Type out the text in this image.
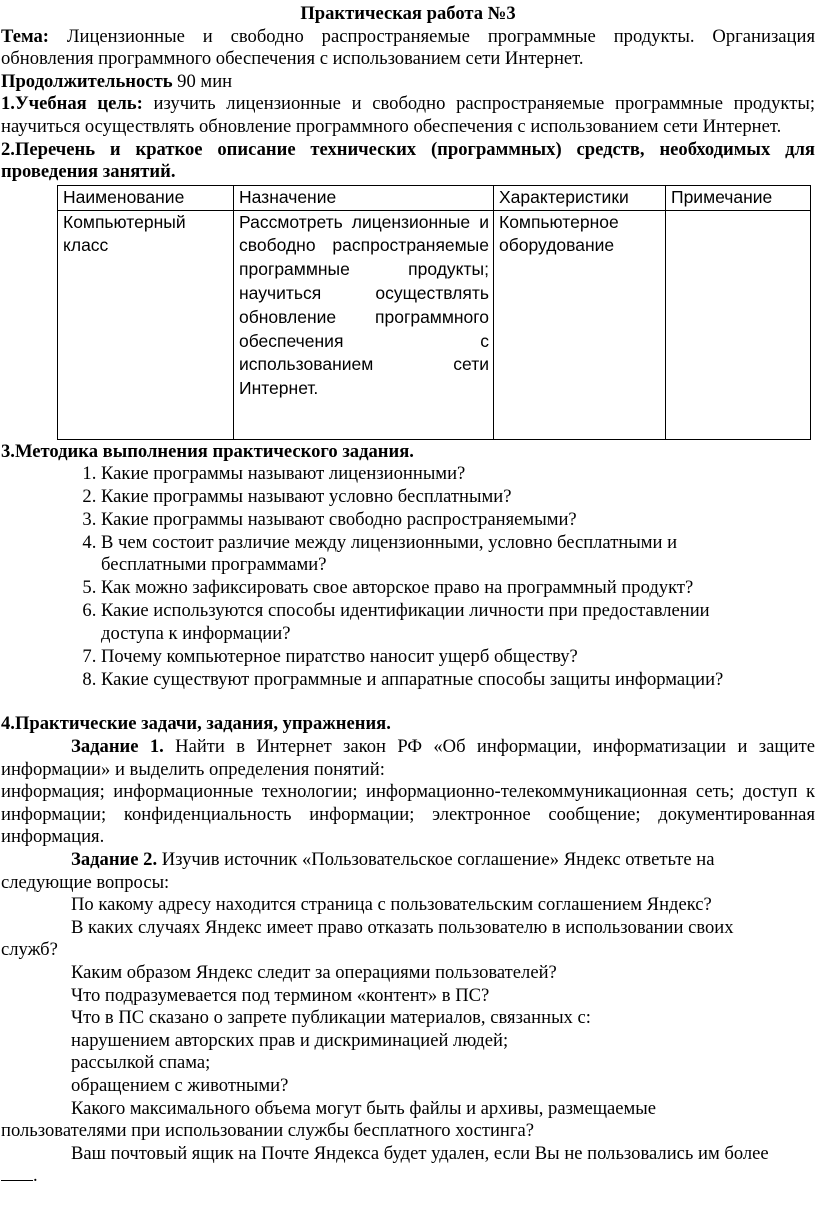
Практическая работа №3

Тема: Лицензионные и свободно распространяемые программные продукты. Организация обновления программного обеспечения с использованием сети Интернет.

Продолжительность 90 мин

1.Учебная цель: изучить лицензионные и свободно распространяемые программные продукты; научиться осуществлять обновление программного обеспечения с использованием сети Интернет.

2.Перечень и краткое описание технических (программных) средств, необходимых для проведения занятий.

Наименование	Назначение	Характеристики	Примечание
Компьютерный класс	Рассмотреть лицензионные и свободно распространяемые программные продукты; научиться осуществлять обновление программного обеспечения с использованием сети Интернет.	Компьютерное оборудование	

3.Методика выполнения практического задания.

1. Какие программы называют лицензионными?
2. Какие программы называют условно бесплатными?
3. Какие программы называют свободно распространяемыми?
4. В чем состоит различие между лицензионными, условно бесплатными и бесплатными программами?
5. Как можно зафиксировать свое авторское право на программный продукт?
6. Какие используются способы идентификации личности при предоставлении доступа к информации?
7. Почему компьютерное пиратство наносит ущерб обществу?
8. Какие существуют программные и аппаратные способы защиты информации?

4.Практические задачи, задания, упражнения.

Задание 1. Найти в Интернет закон РФ «Об информации, информатизации и защите информации» и выделить определения понятий:

информация; информационные технологии; информационно-телекоммуникационная сеть; доступ к информации; конфиденциальность информации; электронное сообщение; документированная информация.

Задание 2. Изучив источник «Пользовательское соглашение» Яндекс ответьте на следующие вопросы:

По какому адресу находится страница с пользовательским соглашением Яндекс?

В каких случаях Яндекс имеет право отказать пользователю в использовании своих служб?

Каким образом Яндекс следит за операциями пользователей?

Что подразумевается под термином «контент» в ПС?

Что в ПС сказано о запрете публикации материалов, связанных с:

нарушением авторских прав и дискриминацией людей;

рассылкой спама;

обращением с животными?

Какого максимального объема могут быть файлы и архивы, размещаемые пользователями при использовании службы бесплатного хостинга?

Ваш почтовый ящик на Почте Яндекса будет удален, если Вы не пользовались им более .
